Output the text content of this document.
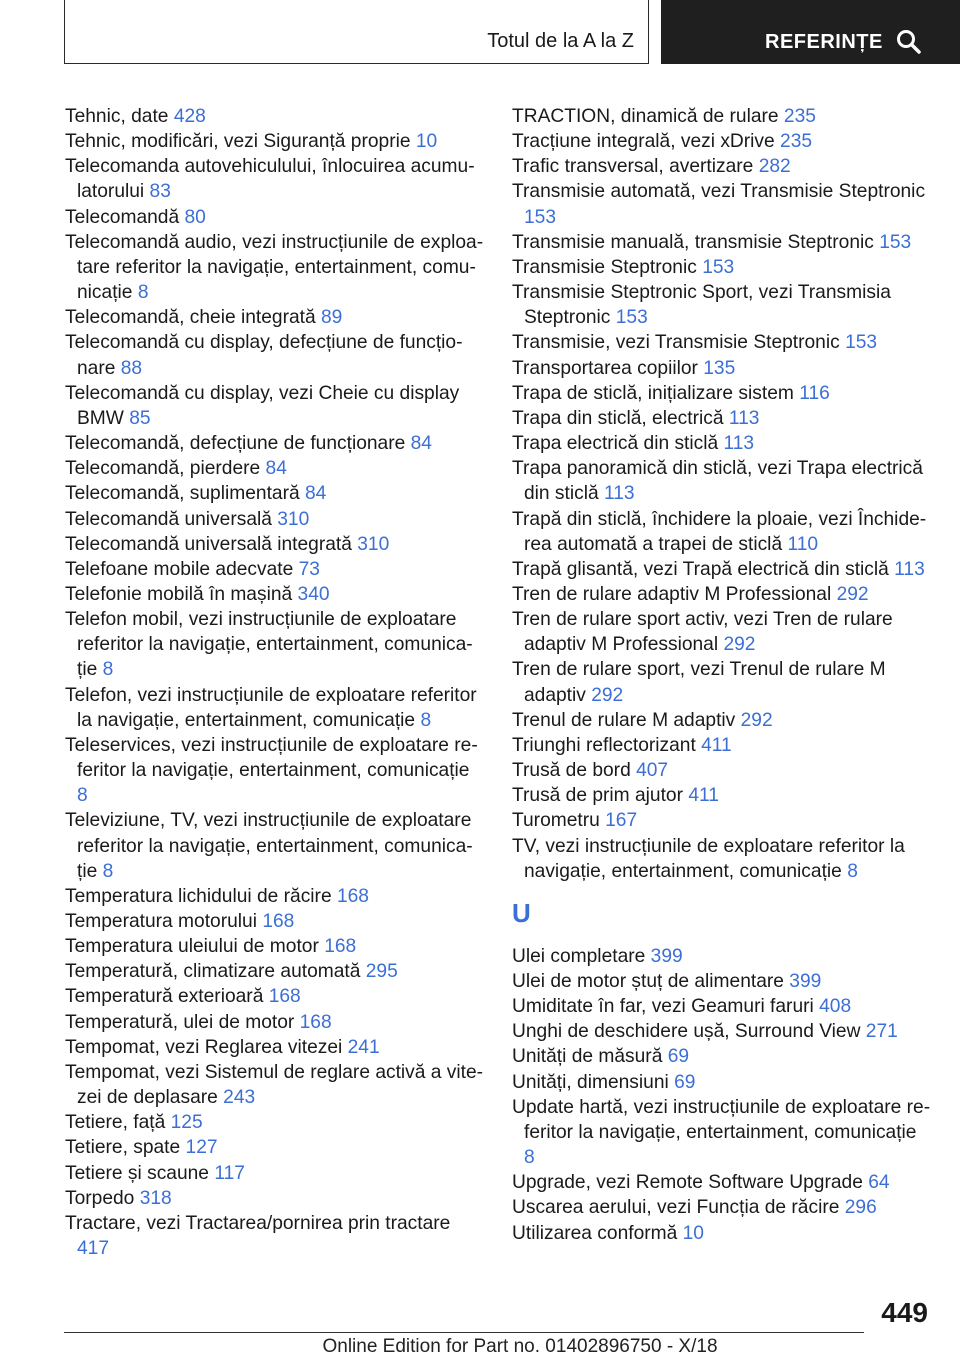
Totul de la A la Z	REFERINȚE
Tehnic, date 428
Tehnic, modificări, vezi Siguranță proprie 10
Telecomanda autovehiculului, înlocuirea acumulatorului 83
Telecomandă 80
Telecomandă audio, vezi instrucțiunile de exploatare referitor la navigație, entertainment, comunicație 8
Telecomandă, cheie integrată 89
Telecomandă cu display, defecțiune de funcționare 88
Telecomandă cu display, vezi Cheie cu display BMW 85
Telecomandă, defecțiune de funcționare 84
Telecomandă, pierdere 84
Telecomandă, suplimentară 84
Telecomandă universală 310
Telecomandă universală integrată 310
Telefoane mobile adecvate 73
Telefonie mobilă în mașină 340
Telefon mobil, vezi instrucțiunile de exploatare referitor la navigație, entertainment, comunicație 8
Telefon, vezi instrucțiunile de exploatare referitor la navigație, entertainment, comunicație 8
Teleservices, vezi instrucțiunile de exploatare referitor la navigație, entertainment, comunicație 8
Televiziune, TV, vezi instrucțiunile de exploatare referitor la navigație, entertainment, comunicație 8
Temperatura lichidului de răcire 168
Temperatura motorului 168
Temperatura uleiului de motor 168
Temperatură, climatizare automată 295
Temperatură exterioară 168
Temperatură, ulei de motor 168
Tempomat, vezi Reglarea vitezei 241
Tempomat, vezi Sistemul de reglare activă a vitezei de deplasare 243
Tetiere, față 125
Tetiere, spate 127
Tetiere și scaune 117
Torpedo 318
Tractare, vezi Tractarea/pornirea prin tractare 417
TRACTION, dinamică de rulare 235
Tracțiune integrală, vezi xDrive 235
Trafic transversal, avertizare 282
Transmisie automată, vezi Transmisie Steptronic 153
Transmisie manuală, transmisie Steptronic 153
Transmisie Steptronic 153
Transmisie Steptronic Sport, vezi Transmisia Steptronic 153
Transmisie, vezi Transmisie Steptronic 153
Transportarea copiilor 135
Trapa de sticlă, inițializare sistem 116
Trapa din sticlă, electrică 113
Trapa electrică din sticlă 113
Trapa panoramică din sticlă, vezi Trapa electrică din sticlă 113
Trapă din sticlă, închidere la ploaie, vezi Închiderea automată a trapei de sticlă 110
Trapă glisantă, vezi Trapă electrică din sticlă 113
Tren de rulare adaptiv M Professional 292
Tren de rulare sport activ, vezi Tren de rulare adaptiv M Professional 292
Tren de rulare sport, vezi Trenul de rulare M adaptiv 292
Trenul de rulare M adaptiv 292
Triunghi reflectorizant 411
Trusă de bord 407
Trusă de prim ajutor 411
Turometru 167
TV, vezi instrucțiunile de exploatare referitor la navigație, entertainment, comunicație 8
U
Ulei completare 399
Ulei de motor ștuț de alimentare 399
Umiditate în far, vezi Geamuri faruri 408
Unghi de deschidere ușă, Surround View 271
Unități de măsură 69
Unități, dimensiuni 69
Update hartă, vezi instrucțiunile de exploatare referitor la navigație, entertainment, comunicație 8
Upgrade, vezi Remote Software Upgrade 64
Uscarea aerului, vezi Funcția de răcire 296
Utilizarea conformă 10
449
Online Edition for Part no. 01402896750 - X/18
